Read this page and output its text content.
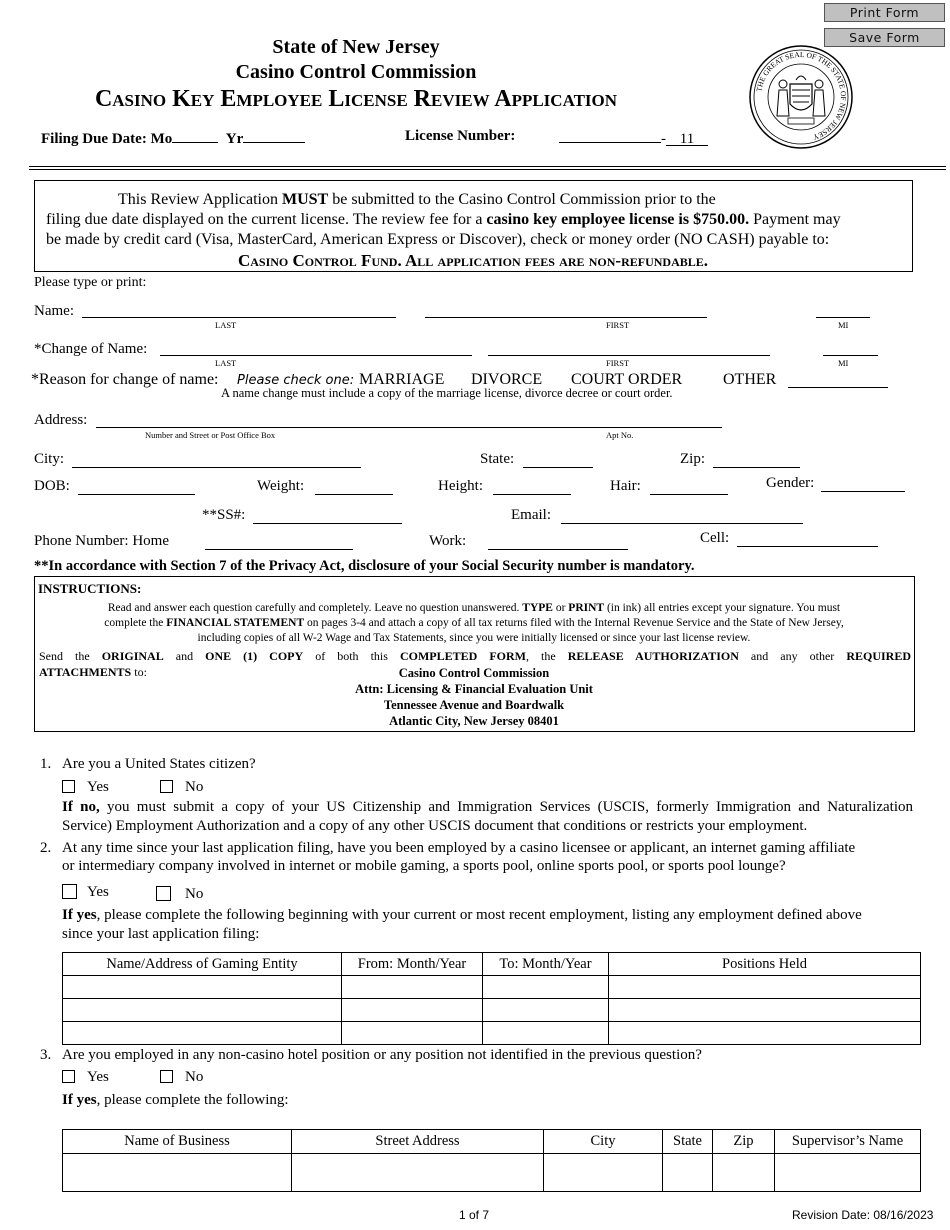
Print Form
Save Form
State of New Jersey
Casino Control Commission
Casino Key Employee License Review Application
Filing Due Date: Mo	Yr	License Number:	- 11
THE GREAT SEAL OF THE STATE OF NEW JERSEY
This Review Application MUST be submitted to the Casino Control Commission prior to the
filing due date displayed on the current license. The review fee for a casino key employee license is $750.00. Payment may
be made by credit card (Visa, MasterCard, American Express or Discover), check or money order (NO CASH) payable to:
Casino Control Fund. All application fees are non-refundable.
Please type or print:
Name:
LAST	FIRST	MI
*Change of Name:
LAST	FIRST	MI
*Reason for change of name: Please check one: MARRIAGE DIVORCE COURT ORDER	OTHER
A name change must include a copy of the marriage license, divorce decree or court order.
Address:
Number and Street or Post Office Box	Apt No.
City:	State:	Zip:
DOB:	Weight:	Height:	Hair:	Gender:
**SS#:	Email:
Phone Number: Home	Work:	Cell:
**In accordance with Section 7 of the Privacy Act, disclosure of your Social Security number is mandatory.
INSTRUCTIONS:
Read and answer each question carefully and completely. Leave no question unanswered. TYPE or PRINT (in ink) all entries except your signature. You must
complete the FINANCIAL STATEMENT on pages 3-4 and attach a copy of all tax returns filed with the Internal Revenue Service and the State of New Jersey,
including copies of all W-2 Wage and Tax Statements, since you were initially licensed or since your last license review.
Send the ORIGINAL and ONE (1) COPY of both this COMPLETED FORM, the RELEASE AUTHORIZATION and any other REQUIRED
ATTACHMENTS to:	Casino Control Commission
Attn: Licensing & Financial Evaluation Unit
Tennessee Avenue and Boardwalk
Atlantic City, New Jersey 08401
1. Are you a United States citizen?
Yes	No
If no, you must submit a copy of your US Citizenship and Immigration Services (USCIS, formerly Immigration and Naturalization
Service) Employment Authorization and a copy of any other USCIS document that conditions or restricts your employment.
2. At any time since your last application filing, have you been employed by a casino licensee or applicant, an internet gaming affiliate
or intermediary company involved in internet or mobile gaming, a sports pool, online sports pool, or sports pool lounge?
Yes	No
If yes, please complete the following beginning with your current or most recent employment, listing any employment defined above
since your last application filing:
Name/Address of Gaming Entity	From: Month/Year	To: Month/Year	Positions Held

3. Are you employed in any non-casino hotel position or any position not identified in the previous question?
Yes	No
If yes, please complete the following:
Name of Business	Street Address	City	State	Zip	Supervisor’s Name

1 of 7	Revision Date: 08/16/2023
